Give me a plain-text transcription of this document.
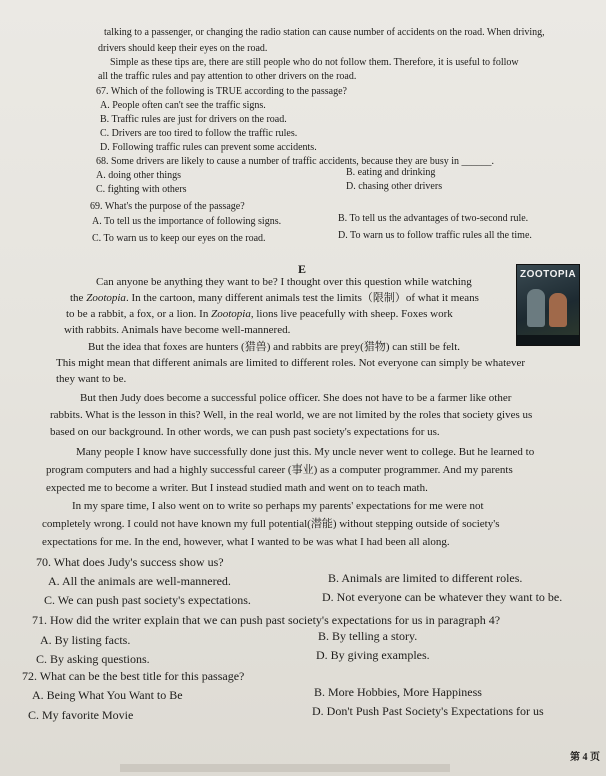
talking to a passenger, or changing the radio station can cause number of accidents on the road. When driving,
drivers should keep their eyes on the road.
Simple as these tips are, there are still people who do not follow them. Therefore, it is useful to follow
all the traffic rules and pay attention to other drivers on the road.
67. Which of the following is TRUE according to the passage?
A. People often can't see the traffic signs.
B. Traffic rules are just for drivers on the road.
C. Drivers are too tired to follow the traffic rules.
D. Following traffic rules can prevent some accidents.
68. Some drivers are likely to cause a number of traffic accidents, because they are busy in ______.
A. doing other things	B. eating and drinking
C. fighting with others	D. chasing other drivers
69. What's the purpose of the passage?
A. To tell us the importance of following signs.	B. To tell us the advantages of two-second rule.
C. To warn us to keep our eyes on the road.	D. To warn us to follow traffic rules all the time.
E	ZOOTOPIA
Can anyone be anything they want to be? I thought over this question while watching
the Zootopia. In the cartoon, many different animals test the limits（限制）of what it means
to be a rabbit, a fox, or a lion. In Zootopia, lions live peacefully with sheep. Foxes work
with rabbits. Animals have become well-mannered.
But the idea that foxes are hunters (猎兽) and rabbits are prey(猎物) can still be felt.
This might mean that different animals are limited to different roles. Not everyone can simply be whatever
they want to be.
But then Judy does become a successful police officer. She does not have to be a farmer like other
rabbits. What is the lesson in this? Well, in the real world, we are not limited by the roles that society gives us
based on our background. In other words, we can push past society's expectations for us.
Many people I know have successfully done just this. My uncle never went to college. But he learned to
program computers and had a highly successful career (事业) as a computer programmer. And my parents
expected me to become a writer. But I instead studied math and went on to teach math.
In my spare time, I also went on to write so perhaps my parents' expectations for me were not
completely wrong. I could not have known my full potential(潜能) without stepping outside of society's
expectations for me. In the end, however, what I wanted to be was what I had been all along.
70. What does Judy's success show us?
A. All the animals are well-mannered.	B. Animals are limited to different roles.
C. We can push past society's expectations.	D. Not everyone can be whatever they want to be.
71. How did the writer explain that we can push past society's expectations for us in paragraph 4?
A. By listing facts.	B. By telling a story.
C. By asking questions.	D. By giving examples.
72. What can be the best title for this passage?
A. Being What You Want to Be	B. More Hobbies, More Happiness
C. My favorite Movie	D. Don't Push Past Society's Expectations for us
第 4 页
